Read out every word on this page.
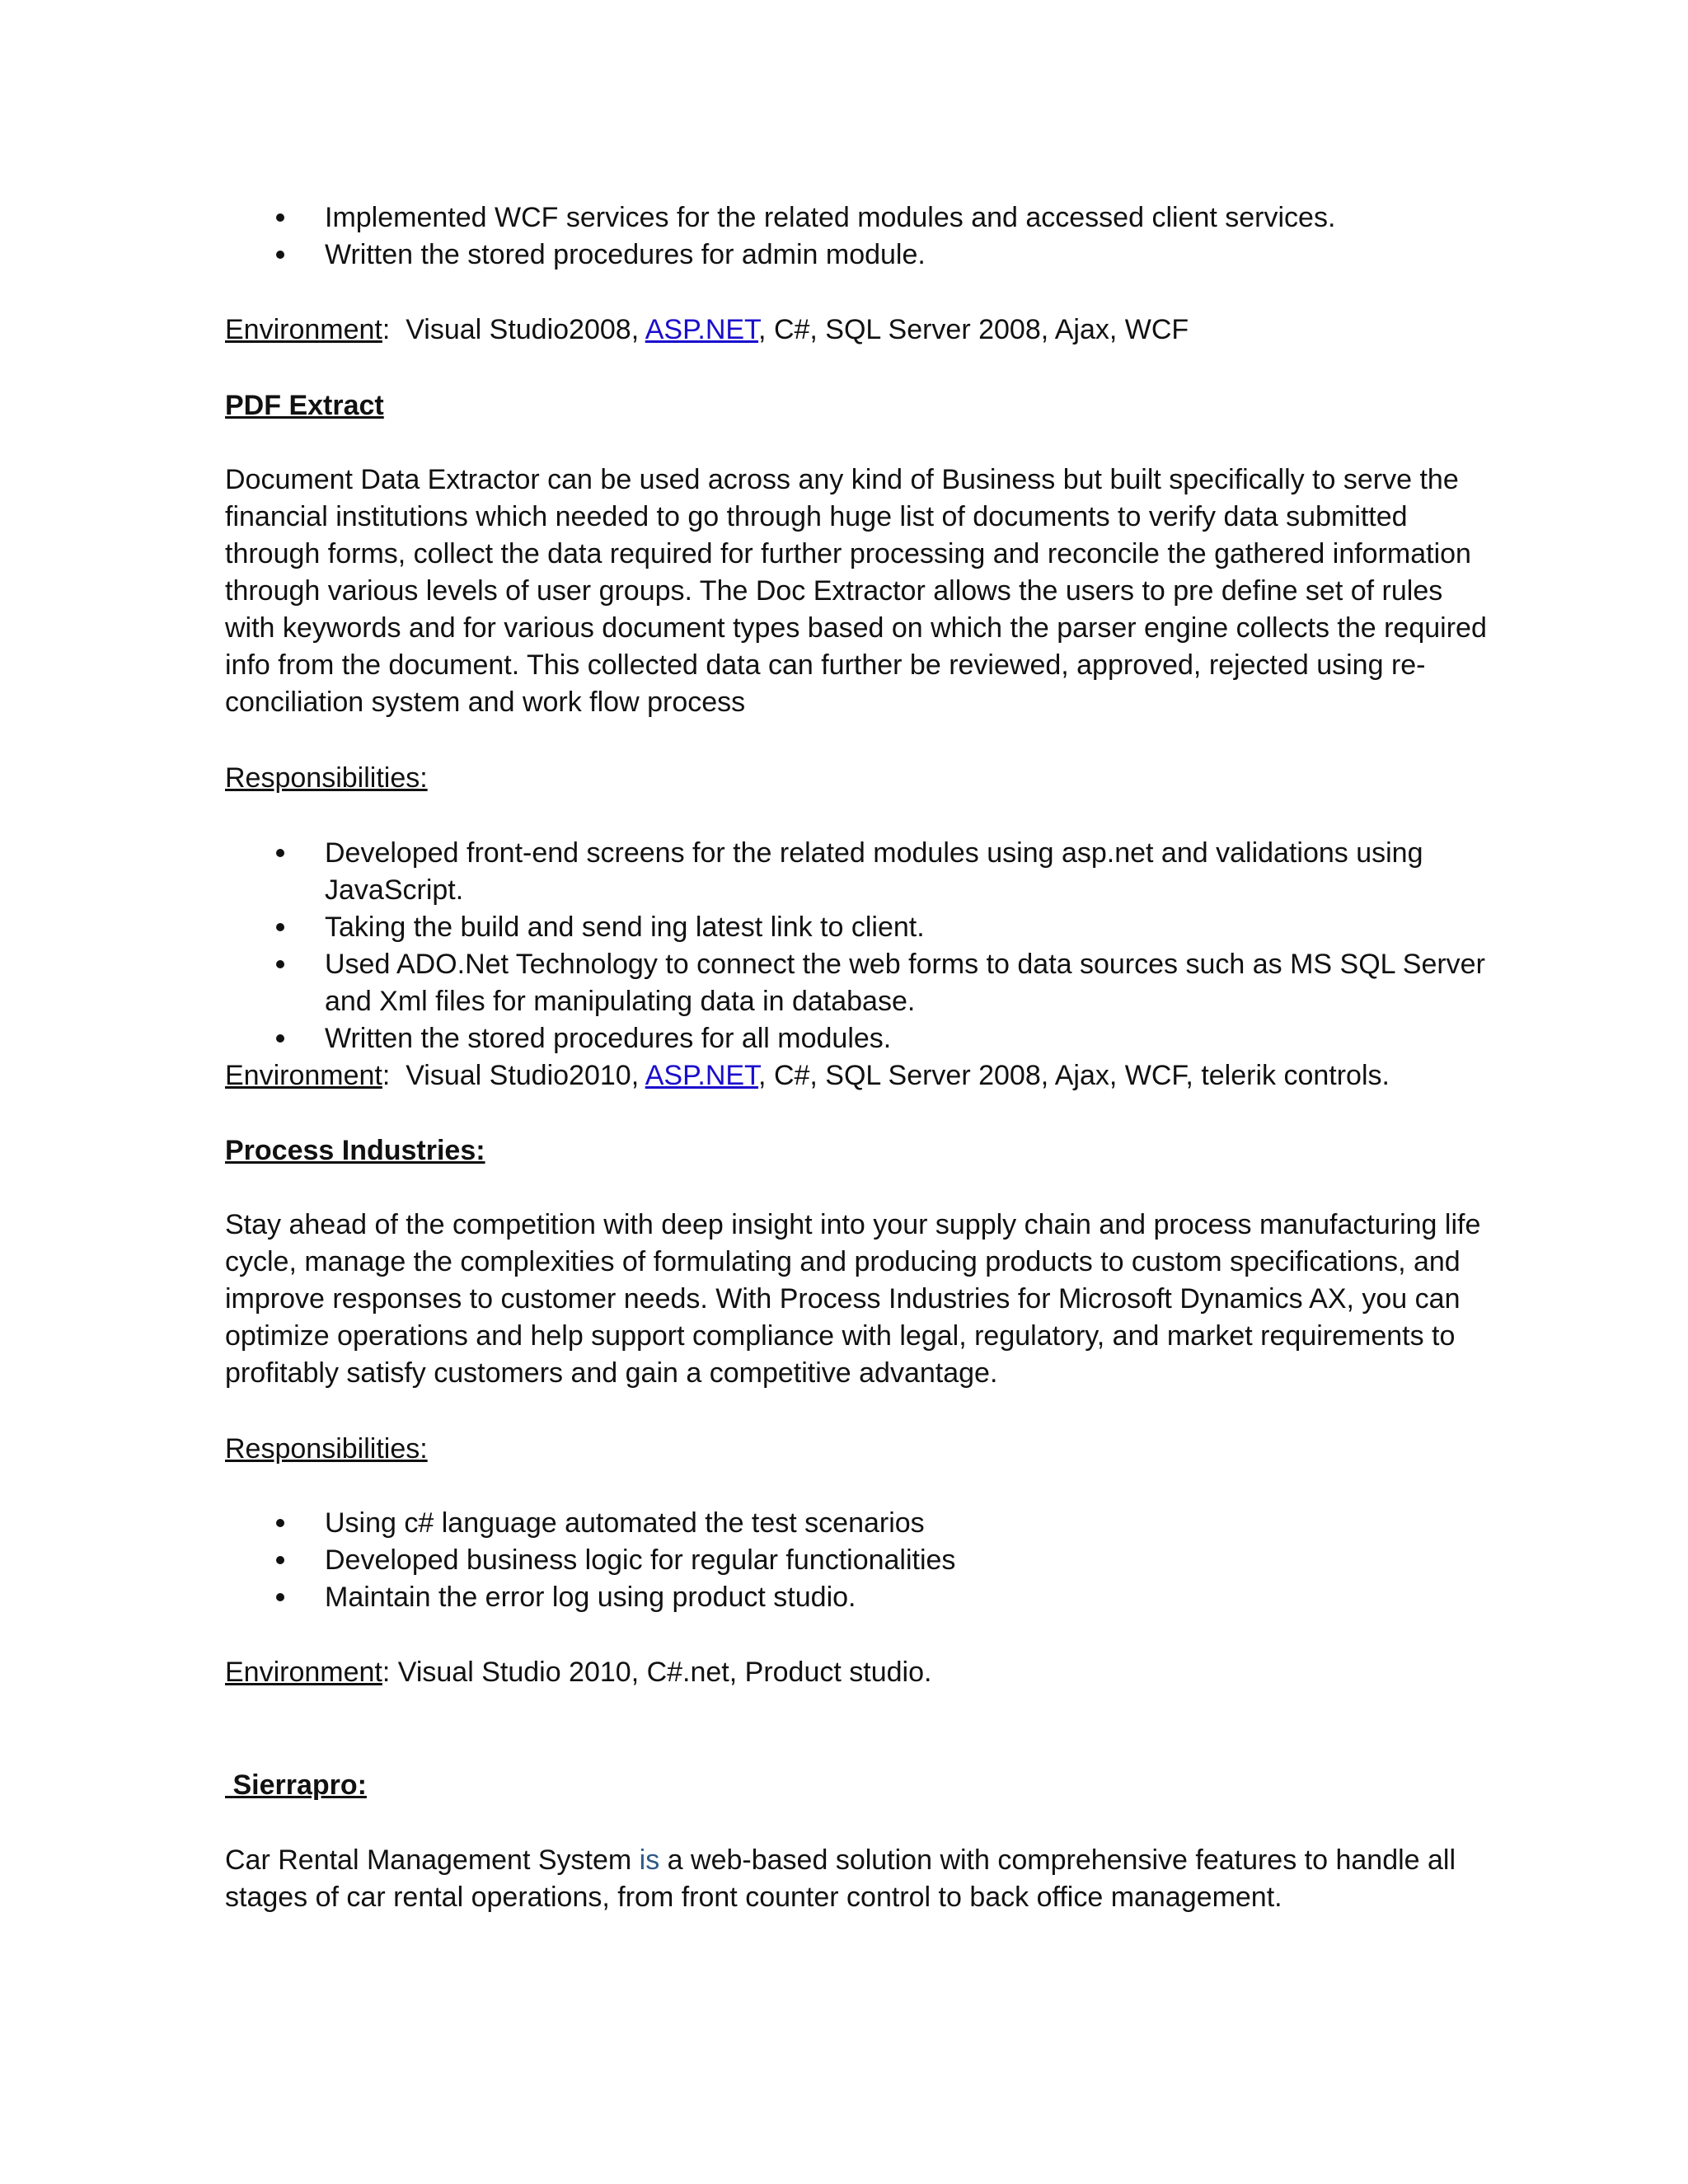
Implemented WCF services for the related modules and accessed client services.
Written the stored procedures for admin module.
Environment:  Visual Studio2008, ASP.NET, C#, SQL Server 2008, Ajax, WCF
PDF Extract
Document Data Extractor can be used across any kind of Business but built specifically to serve the
financial institutions which needed to go through huge list of documents to verify data submitted
through forms, collect the data required for further processing and reconcile the gathered information
through various levels of user groups. The Doc Extractor allows the users to pre define set of rules
with keywords and for various document types based on which the parser engine collects the required
info from the document. This collected data can further be reviewed, approved, rejected using re-
conciliation system and work flow process
Responsibilities:
Developed front-end screens for the related modules using asp.net and validations using
JavaScript.
Taking the build and send ing latest link to client.
Used ADO.Net Technology to connect the web forms to data sources such as MS SQL Server
and Xml files for manipulating data in database.
Written the stored procedures for all modules.
Environment:  Visual Studio2010, ASP.NET, C#, SQL Server 2008, Ajax, WCF, telerik controls.
Process Industries:
Stay ahead of the competition with deep insight into your supply chain and process manufacturing life
cycle, manage the complexities of formulating and producing products to custom specifications, and
improve responses to customer needs. With Process Industries for Microsoft Dynamics AX, you can
optimize operations and help support compliance with legal, regulatory, and market requirements to
profitably satisfy customers and gain a competitive advantage.
Responsibilities:
Using c# language automated the test scenarios
Developed business logic for regular functionalities
Maintain the error log using product studio.
Environment: Visual Studio 2010, C#.net, Product studio.
Sierrapro:
Car Rental Management System is a web-based solution with comprehensive features to handle all
stages of car rental operations, from front counter control to back office management.
